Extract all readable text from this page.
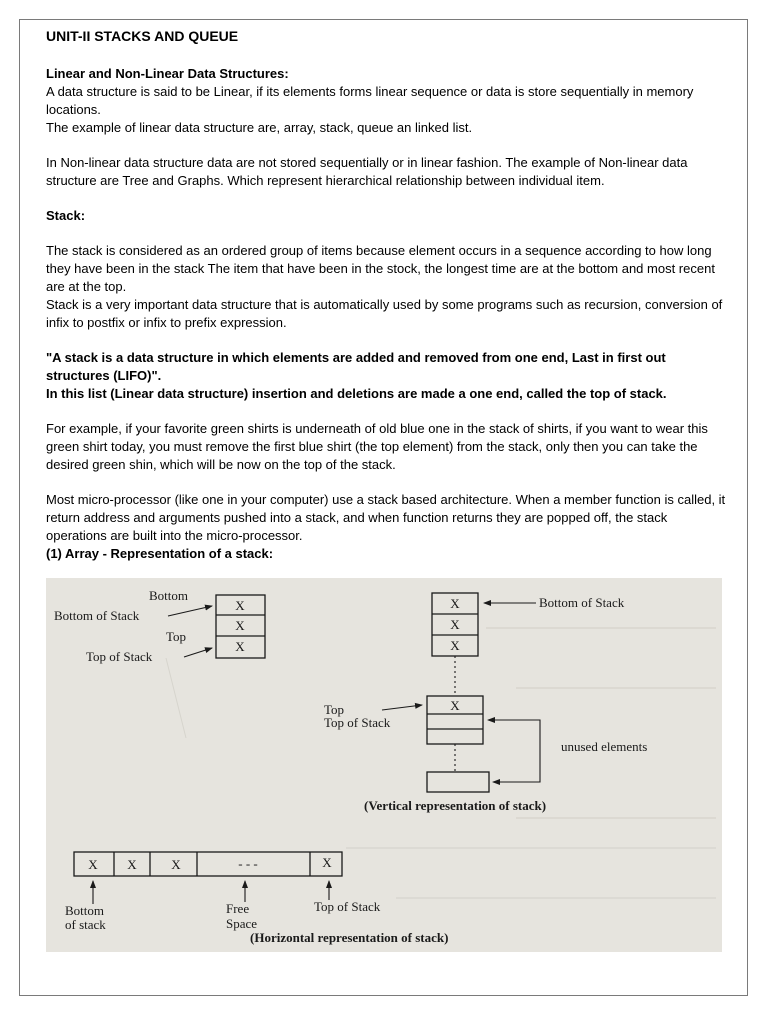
UNIT-II STACKS AND QUEUE

Linear and Non-Linear Data Structures:

A data structure is said to be Linear, if its elements forms linear sequence or data is store sequentially in memory locations.

The example of linear data structure are, array, stack, queue an linked list.

In Non-linear data structure data are not stored sequentially or in linear fashion. The example of Non-linear data structure are Tree and Graphs. Which represent hierarchical relationship between individual item.

Stack:

The stack is considered as an ordered group of items because element occurs in a sequence according to how long they have been in the stack The item that have been in the stock, the longest time are at the bottom and most recent are at the top.

Stack is a very important data structure that is automatically used by some programs such as recursion, conversion of infix to postfix or infix to prefix expression.

"A stack is a data structure in which elements are added and removed from one end, Last in first out structures (LIFO)".

In this list (Linear data structure) insertion and deletions are made a one end, called the top of stack.

For example, if your favorite green shirts is underneath of old blue one in the stack of shirts, if you want to wear this green shirt today, you must remove the first blue shirt (the top element) from the stack, only then you can take the desired green shin, which will be now on the top of the stack.

Most micro-processor (like one in your computer) use a stack based architecture. When a member function is called, it return address and arguments pushed into a stack, and when function returns they are popped off, the stack operations are built into the micro-processor.

(1) Array - Representation of a stack:

X
X
X
Bottom
Bottom of Stack
Top
Top of Stack
X
X
X
Bottom of Stack
X
Top
Top of Stack
unused elements
(Vertical representation of stack)
X X	X	- - -	X
Bottom
of stack
Free
Space
Top of Stack
(Horizontal representation of stack)
